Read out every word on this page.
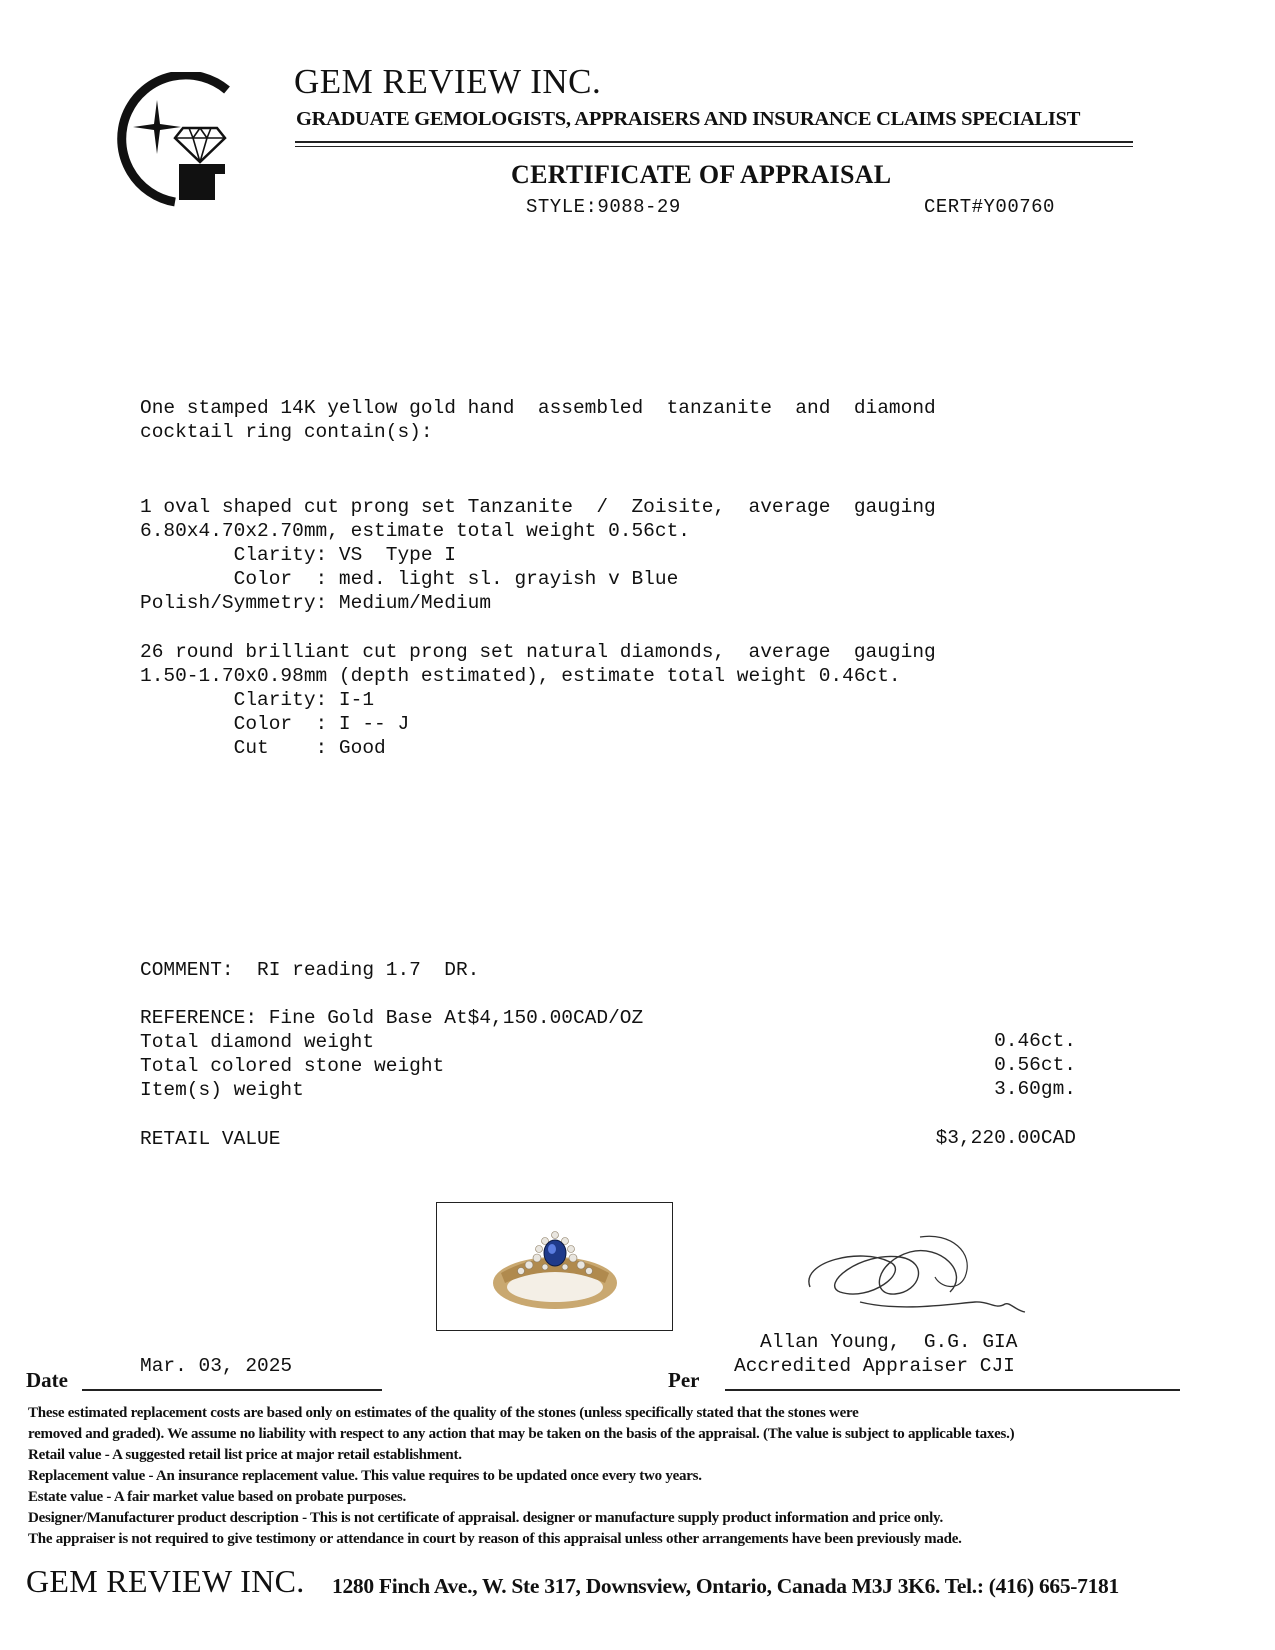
GEM REVIEW INC.
GRADUATE GEMOLOGISTS, APPRAISERS AND INSURANCE CLAIMS SPECIALIST
CERTIFICATE OF APPRAISAL
STYLE:9088-29	CERT#Y00760
One stamped 14K yellow gold hand  assembled  tanzanite  and  diamond
cocktail ring contain(s):
1 oval shaped cut prong set Tanzanite  /  Zoisite,  average  gauging
6.80x4.70x2.70mm, estimate total weight 0.56ct.
Clarity: VS  Type I
Color  : med. light sl. grayish v Blue
Polish/Symmetry: Medium/Medium
26 round brilliant cut prong set natural diamonds,  average  gauging
1.50-1.70x0.98mm (depth estimated), estimate total weight 0.46ct.
Clarity: I-1
Color  : I -- J
Cut    : Good
COMMENT:  RI reading 1.7  DR.
REFERENCE: Fine Gold Base At$4,150.00CAD/OZ
Total diamond weight	0.46ct.
Total colored stone weight	0.56ct.
Item(s) weight	3.60gm.
RETAIL VALUE	$3,220.00CAD
Allan Young,  G.G. GIA
Accredited Appraiser CJI
Mar. 03, 2025
Date	Per
These estimated replacement costs are based only on estimates of the quality of the stones (unless specifically stated that the stones were
removed and graded). We assume no liability with respect to any action that may be taken on the basis of the appraisal. (The value is subject to applicable taxes.)
Retail value - A suggested retail list price at major retail establishment.
Replacement value - An insurance replacement value. This value requires to be updated once every two years.
Estate value - A fair market value based on probate purposes.
Designer/Manufacturer product description - This is not certificate of appraisal. designer or manufacture supply product information and price only.
The appraiser is not required to give testimony or attendance in court by reason of this appraisal unless other arrangements have been previously made.
GEM REVIEW INC. 1280 Finch Ave., W. Ste 317, Downsview, Ontario, Canada M3J 3K6. Tel.: (416) 665-7181
